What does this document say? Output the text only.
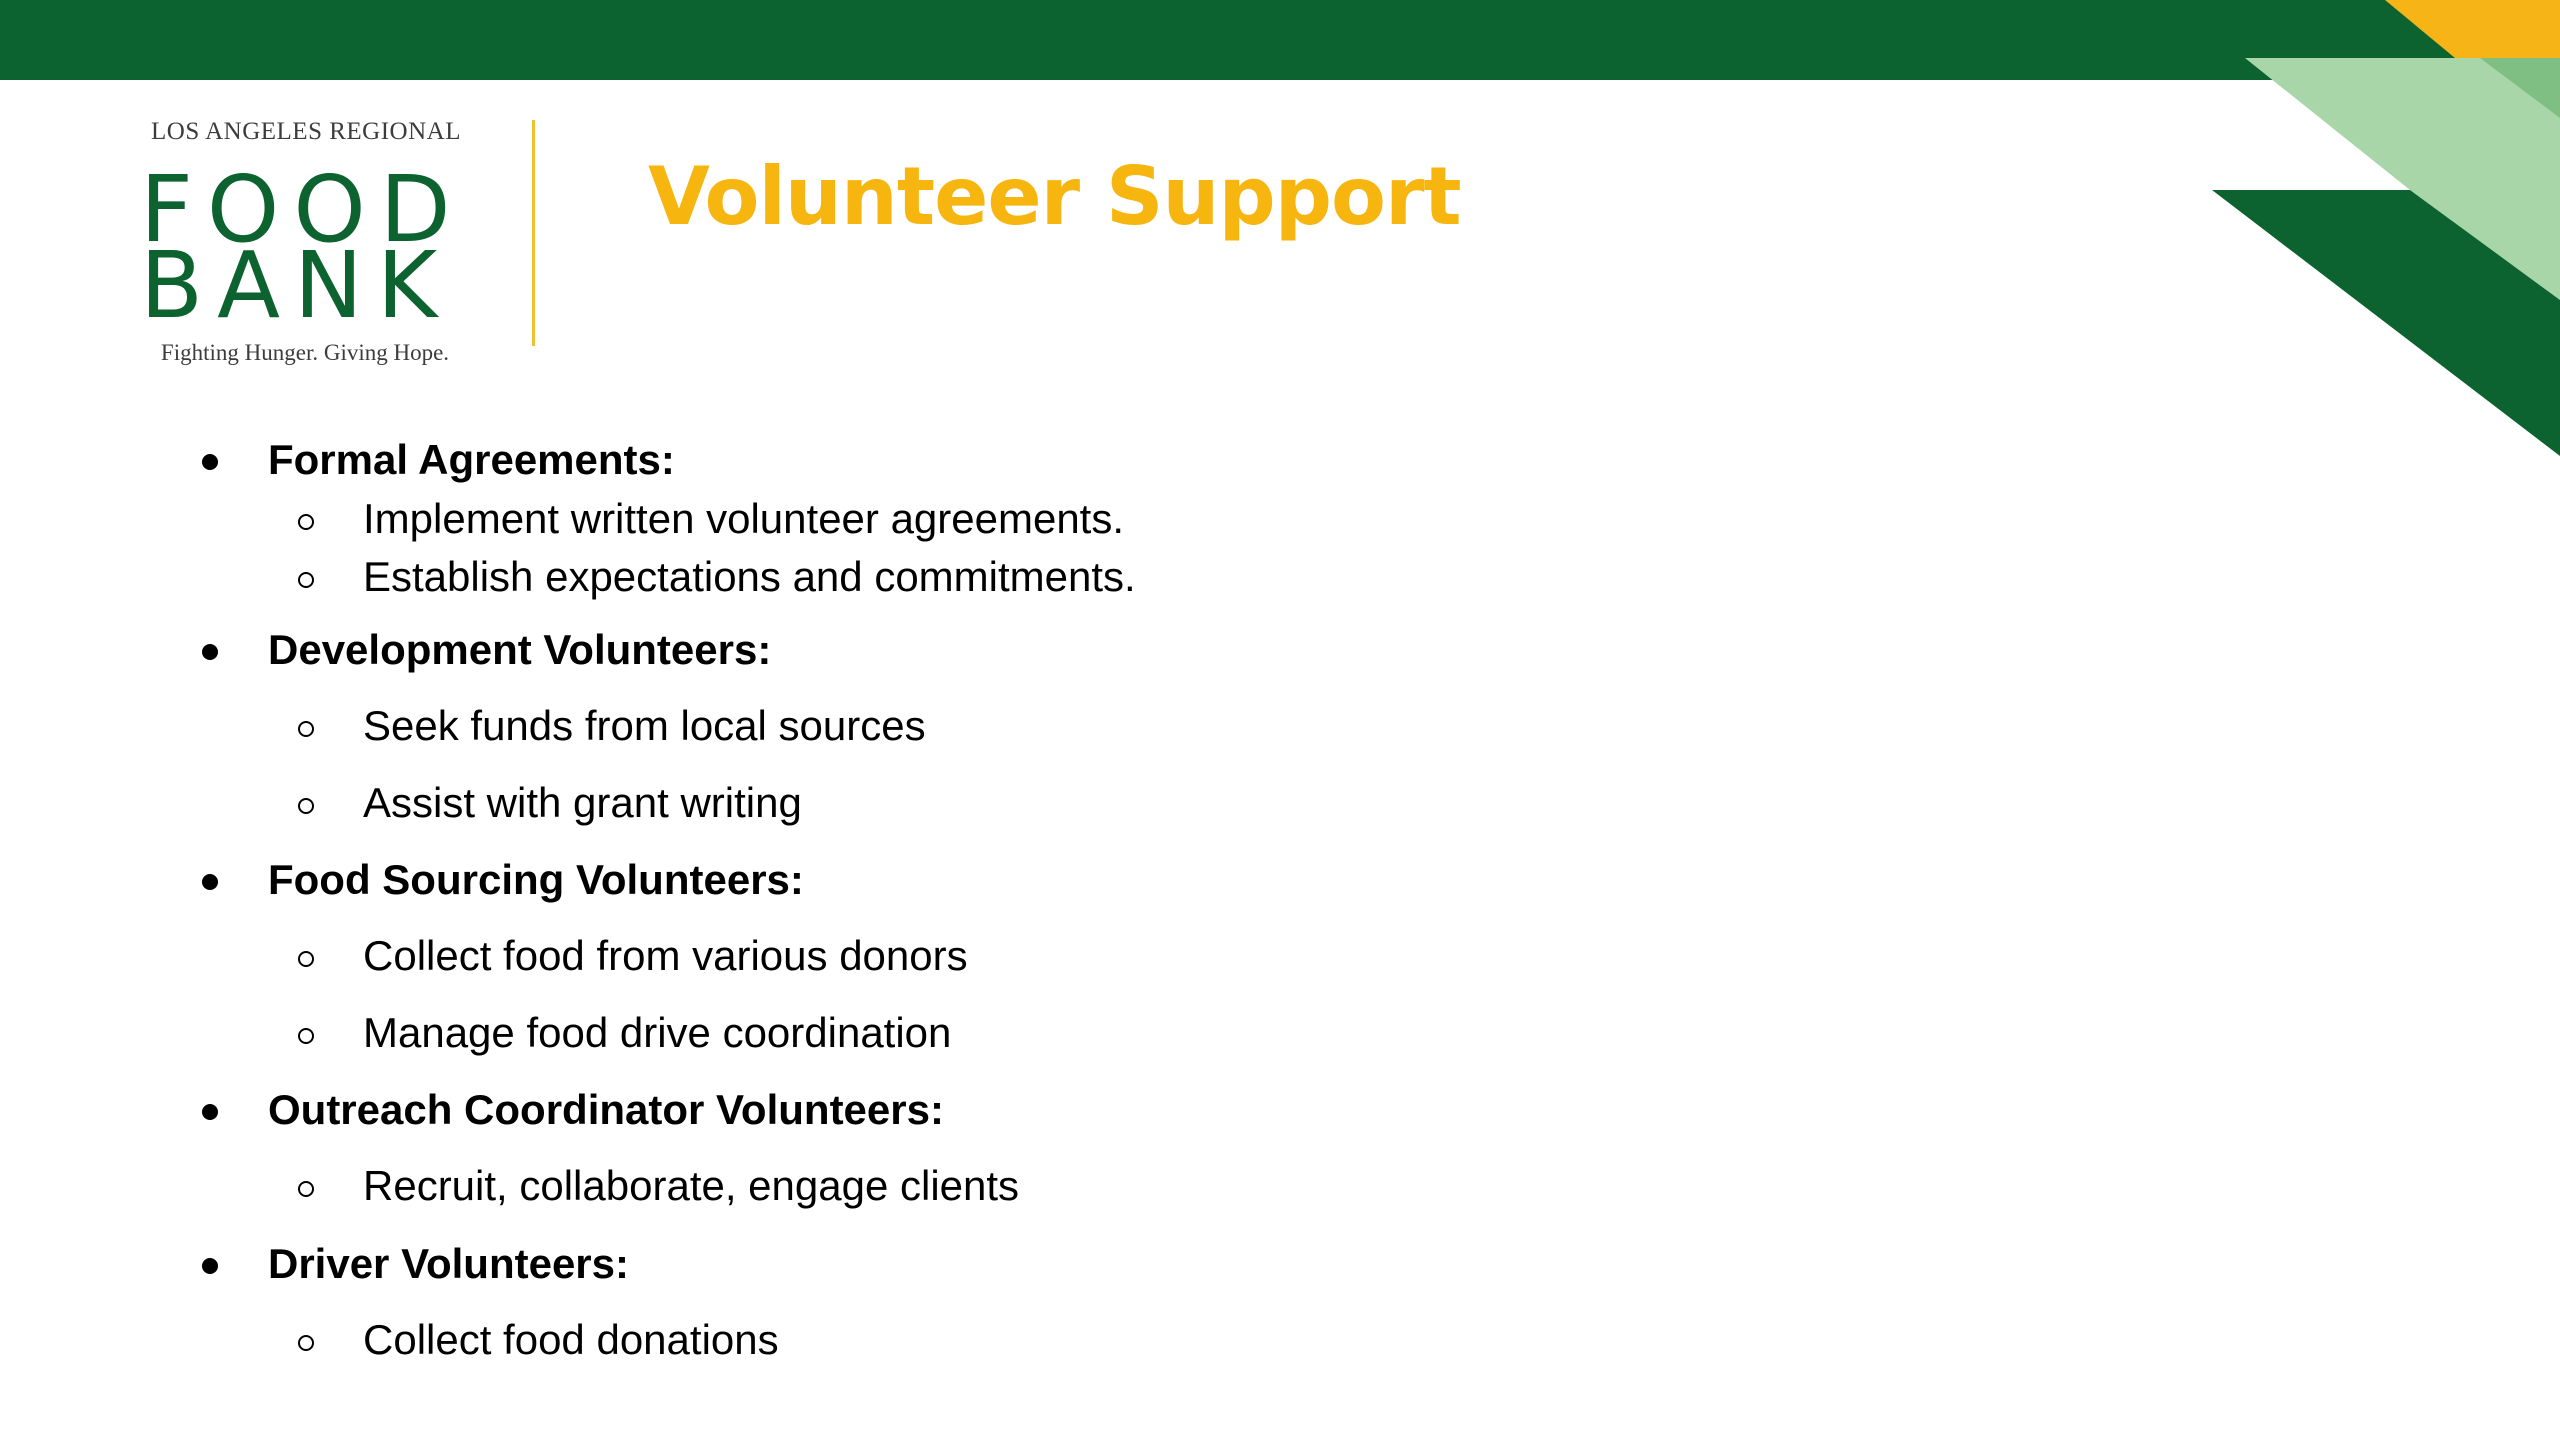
LOS ANGELES REGIONAL
FOOD
BANK
Fighting Hunger. Giving Hope.
Volunteer Support
Formal Agreements:
Implement written volunteer agreements.
Establish expectations and commitments.
Development Volunteers:
Seek funds from local sources
Assist with grant writing
Food Sourcing Volunteers:
Collect food from various donors
Manage food drive coordination
Outreach Coordinator Volunteers:
Recruit, collaborate, engage clients
Driver Volunteers:
Collect food donations
